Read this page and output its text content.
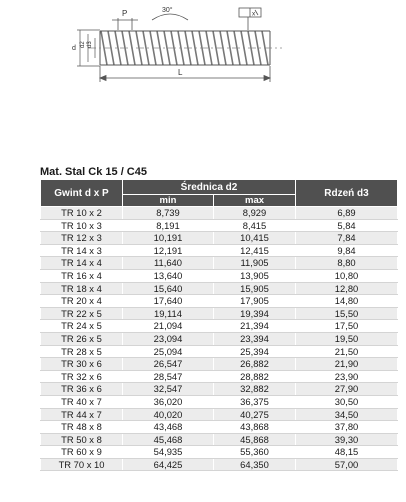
P	30°	x
d
d2 d3
L
Mat. Stal Ck 15 / C45
Gwint d x P	Średnica d2		Rdzeń d3
	min	max	
TR 10 x 2	8,739	8,929	6,89
TR 10 x 3	8,191	8,415	5,84
TR 12 x 3	10,191	10,415	7,84
TR 14 x 3	12,191	12,415	9,84
TR 14 x 4	11,640	11,905	8,80
TR 16 x 4	13,640	13,905	10,80
TR 18 x 4	15,640	15,905	12,80
TR 20 x 4	17,640	17,905	14,80
TR 22 x 5	19,114	19,394	15,50
TR 24 x 5	21,094	21,394	17,50
TR 26 x 5	23,094	23,394	19,50
TR 28 x 5	25,094	25,394	21,50
TR 30 x 6	26,547	26,882	21,90
TR 32 x 6	28,547	28,882	23,90
TR 36 x 6	32,547	32,882	27,90
TR 40 x 7	36,020	36,375	30,50
TR 44 x 7	40,020	40,275	34,50
TR 48 x 8	43,468	43,868	37,80
TR 50 x 8	45,468	45,868	39,30
TR 60 x 9	54,935	55,360	48,15
TR 70 x 10	64,425	64,350	57,00
